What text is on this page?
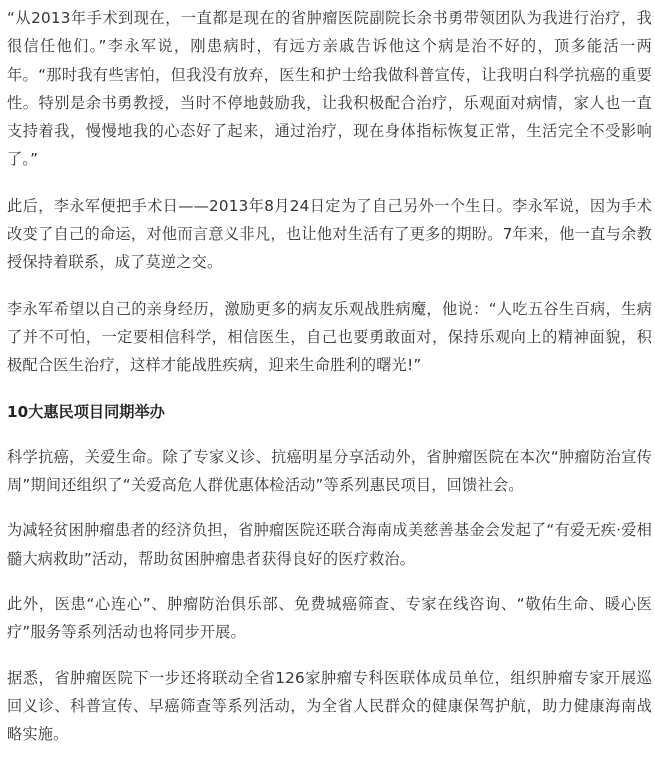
“从2013年手术到现在，一直都是现在的省肿瘤医院副院长余书勇带领团队为我进行治疗，我很信任他们。”李永军说，刚患病时，有远方亲戚告诉他这个病是治不好的，顶多能活一两年。“那时我有些害怕，但我没有放弃，医生和护士给我做科普宣传，让我明白科学抗癌的重要性。特别是余书勇教授，当时不停地鼓励我，让我积极配合治疗，乐观面对病情，家人也一直支持着我，慢慢地我的心态好了起来，通过治疗，现在身体指标恢复正常，生活完全不受影响了。”

此后，李永军便把手术日——2013年8月24日定为了自己另外一个生日。李永军说，因为手术改变了自己的命运，对他而言意义非凡，也让他对生活有了更多的期盼。7年来，他一直与余教授保持着联系，成了莫逆之交。

李永军希望以自己的亲身经历，激励更多的病友乐观战胜病魔，他说：“人吃五谷生百病，生病了并不可怕，一定要相信科学，相信医生，自己也要勇敢面对，保持乐观向上的精神面貌，积极配合医生治疗，这样才能战胜疾病，迎来生命胜利的曙光!”

10大惠民项目同期举办

科学抗癌，关爱生命。除了专家义诊、抗癌明星分享活动外，省肿瘤医院在本次“肿瘤防治宣传周”期间还组织了“关爱高危人群优惠体检活动”等系列惠民项目，回馈社会。

为减轻贫困肿瘤患者的经济负担，省肿瘤医院还联合海南成美慈善基金会发起了“有爱无疾·爱相髓大病救助”活动，帮助贫困肿瘤患者获得良好的医疗救治。

此外，医患“心连心”、肿瘤防治俱乐部、免费城癌筛查、专家在线咨询、“敬佑生命、暖心医疗”服务等系列活动也将同步开展。

据悉，省肿瘤医院下一步还将联动全省126家肿瘤专科医联体成员单位，组织肿瘤专家开展巡回义诊、科普宣传、早癌筛查等系列活动，为全省人民群众的健康保驾护航，助力健康海南战略实施。
